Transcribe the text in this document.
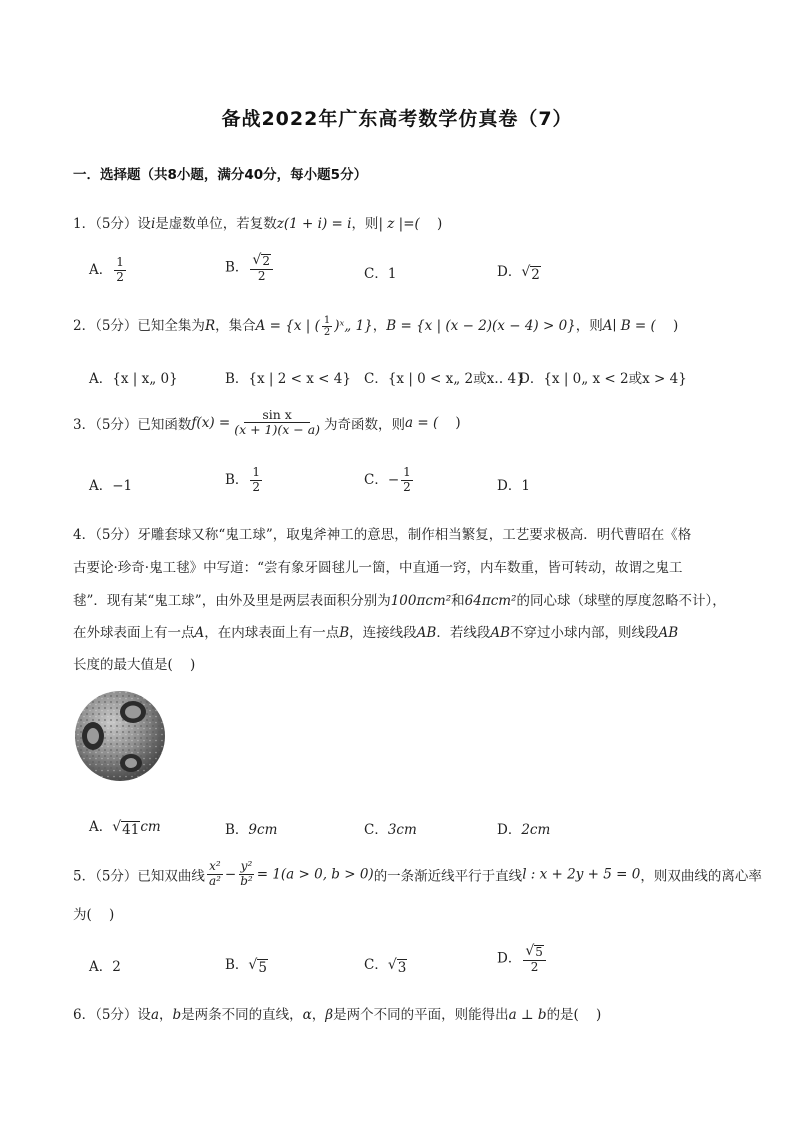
备战2022年广东高考数学仿真卷（7）
一．选择题（共8小题，满分40分，每小题5分）
1．（5分）设i是虚数单位，若复数z(1 + i) = i，则| z |=(    )
A． $\frac{1}{2}$	B． $\frac{√ 2}{2}$	C．1	D． √ 2
2．（5分）已知全集为R，集合A = {x | ( $\frac{1}{2}$ )ˣ„ 1}，B = {x | (x − 2)(x − 4) > 0}，则A∣ B = (    )
A．{x | x„ 0}	B．{x | 2 < x < 4} C．{x | 0 < x„ 2或x‥ 4}
D．{x | 0„ x < 2或x > 4}
3．（5分）已知函数$f(x) = \frac{\text{sin x}}{(x + 1)(x - a)}$ 为奇函数，则a = (    )
A．−1	B． $\frac{1}{2}$	C．− $\frac{1}{2}$	D．1
4．（5分）牙雕套球又称“鬼工球”，取鬼斧神工的意思，制作相当繁复，工艺要求极高．明代曹昭在《格
古要论·珍奇·鬼工毬》中写道：“尝有象牙圆毬儿一箇，中直通一窍，内车数重，皆可转动，故谓之鬼工
毬”．现有某“鬼工球”，由外及里是两层表面积分别为100πcm²和64πcm²的同心球（球壁的厚度忽略不计），
在外球表面上有一点A，在内球表面上有一点B，连接线段AB．若线段AB不穿过小球内部，则线段AB
长度的最大值是(    )
A． √ 41 cm	B．9cm	C．3cm	D．2cm
5．（5分）已知双曲线 $\frac{\text{x²}}{\text{a²}} - \frac{\text{y²}}{\text{b²}} = 1(a > 0$, b > 0)的一条渐近线平行于直线l : x + 2y + 5 = 0，则双曲线的离心率
为(    )
A．2	B． √ 5	C． √ 3
D． $\frac{√ 5}{2}$
6．（5分）设a，b是两条不同的直线，α，β是两个不同的平面，则能得出a ⊥ b的是(    )
